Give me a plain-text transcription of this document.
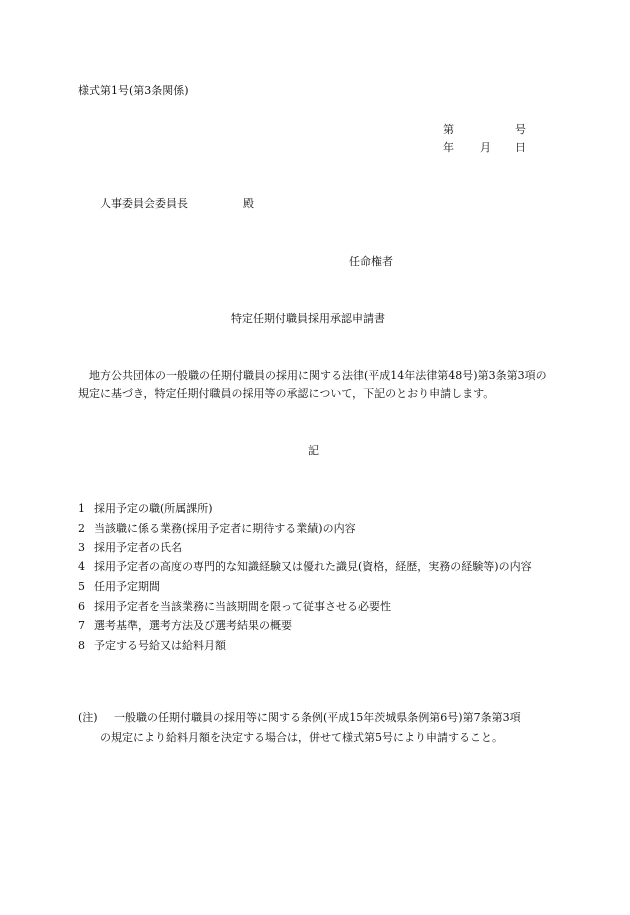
様式第1号(第3条関係)
第	号
年 月 日
人事委員会委員長	殿
任命権者
特定任期付職員採用承認申請書
地方公共団体の一般職の任期付職員の採用に関する法律(平成14年法律第48号)第3条第3項の規定に基づき，特定任期付職員の採用等の承認について，下記のとおり申請します。
記
1 採用予定の職(所属課所)
2 当該職に係る業務(採用予定者に期待する業績)の内容
3 採用予定者の氏名
4 採用予定者の高度の専門的な知識経験又は優れた識見(資格，経歴，実務の経験等)の内容
5 任用予定期間
6 採用予定者を当該業務に当該期間を限って従事させる必要性
7 選考基準，選考方法及び選考結果の概要
8 予定する号給又は給料月額
(注)	一般職の任期付職員の採用等に関する条例(平成15年茨城県条例第6号)第7条第3項
の規定により給料月額を決定する場合は，併せて様式第5号により申請すること。
